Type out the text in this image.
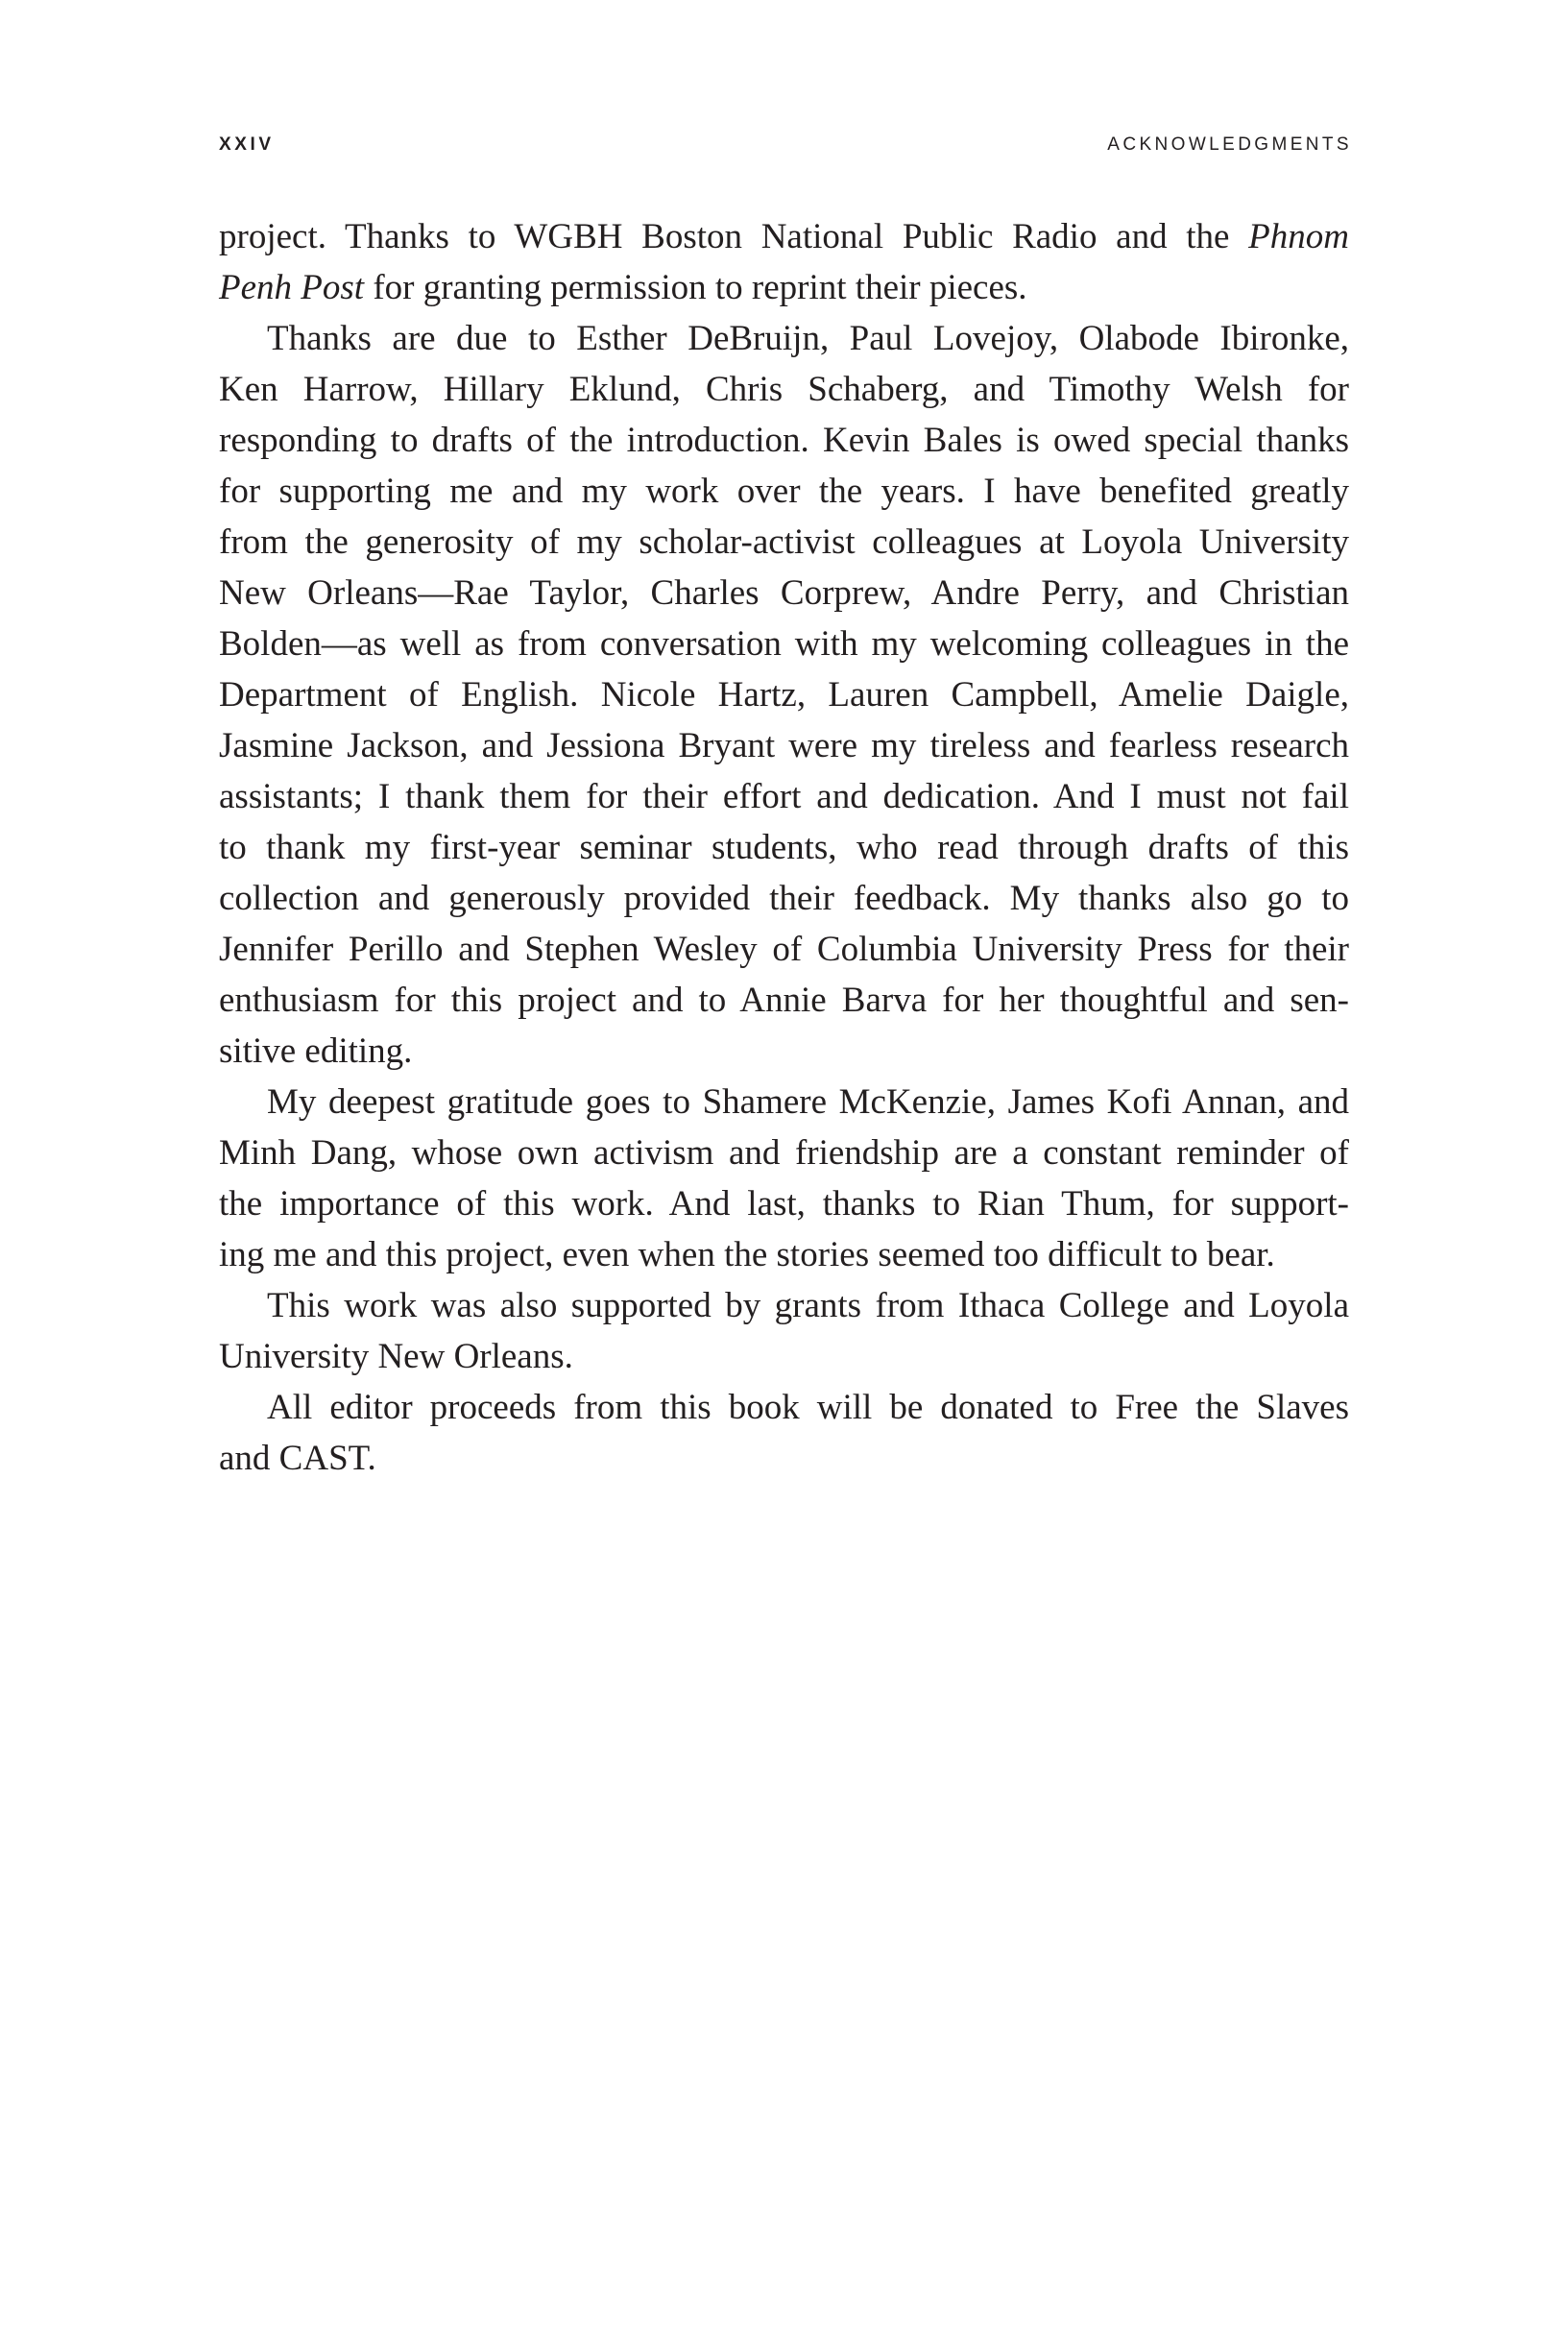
XXIV	ACKNOWLEDGMENTS
project. Thanks to WGBH Boston National Public Radio and the Phnom
Penh Post for granting permission to reprint their pieces.
Thanks are due to Esther DeBruijn, Paul Lovejoy, Olabode Ibironke,
Ken Harrow, Hillary Eklund, Chris Schaberg, and Timothy Welsh for
responding to drafts of the introduction. Kevin Bales is owed special thanks
for supporting me and my work over the years. I have benefited greatly
from the generosity of my scholar-activist colleagues at Loyola University
New Orleans—Rae Taylor, Charles Corprew, Andre Perry, and Christian
Bolden—as well as from conversation with my welcoming colleagues in the
Department of English. Nicole Hartz, Lauren Campbell, Amelie Daigle,
Jasmine Jackson, and Jessiona Bryant were my tireless and fearless research
assistants; I thank them for their effort and dedication. And I must not fail
to thank my first-year seminar students, who read through drafts of this
collection and generously provided their feedback. My thanks also go to
Jennifer Perillo and Stephen Wesley of Columbia University Press for their
enthusiasm for this project and to Annie Barva for her thoughtful and sen-
sitive editing.
My deepest gratitude goes to Shamere McKenzie, James Kofi Annan, and
Minh Dang, whose own activism and friendship are a constant reminder of
the importance of this work. And last, thanks to Rian Thum, for support-
ing me and this project, even when the stories seemed too difficult to bear.
This work was also supported by grants from Ithaca College and Loyola
University New Orleans.
All editor proceeds from this book will be donated to Free the Slaves
and CAST.
